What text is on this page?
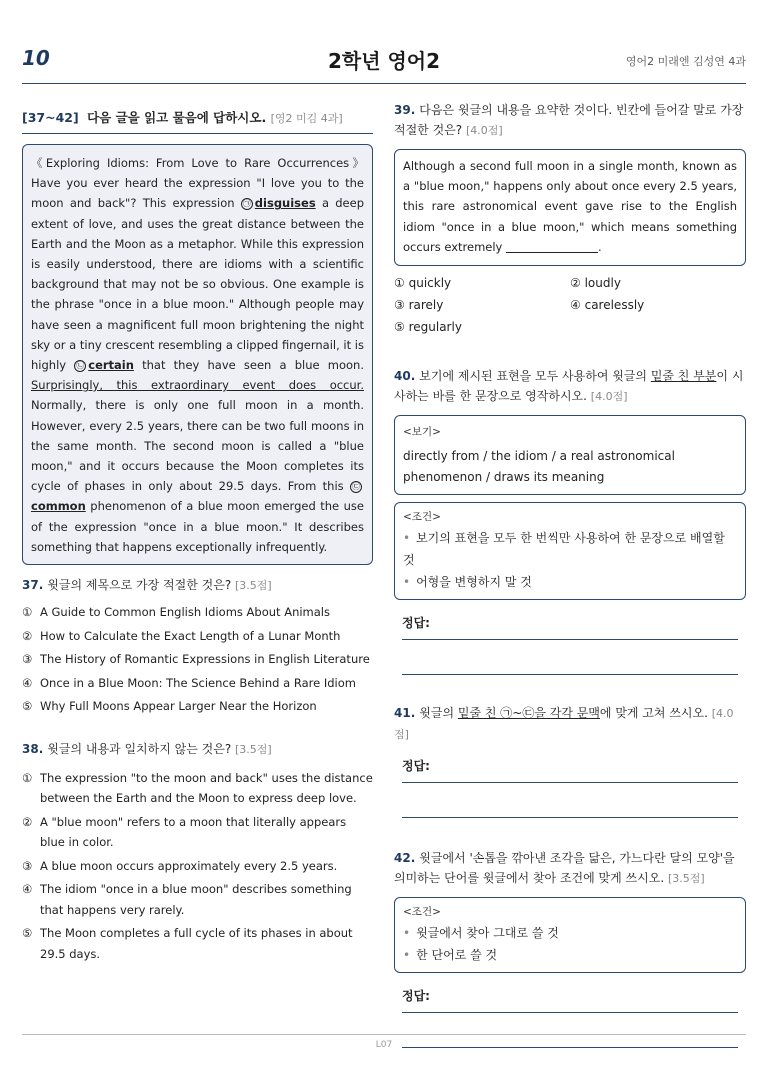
10	2학년 영어2	영어2 미래엔 김성연 4과
[37~42] 다음 글을 읽고 물음에 답하시오. [영2 미김 4과]
《Exploring Idioms: From Love to Rare Occurrences》 Have you ever heard the expression "I love you to the moon and back"? This expression ㉠ disguises a deep extent of love, and uses the great distance between the Earth and the Moon as a metaphor. While this expression is easily understood, there are idioms with a scientific background that may not be so obvious. One example is the phrase "once in a blue moon." Although people may have seen a magnificent full moon brightening the night sky or a tiny crescent resembling a clipped fingernail, it is highly ㉡ certain that they have seen a blue moon. Surprisingly, this extraordinary event does occur. Normally, there is only one full moon in a month. However, every 2.5 years, there can be two full moons in the same month. The second moon is called a "blue moon," and it occurs because the Moon completes its cycle of phases in only about 29.5 days. From this ㉢common phenomenon of a blue moon emerged the use of the expression "once in a blue moon." It describes something that happens exceptionally infrequently.
37. 윗글의 제목으로 가장 적절한 것은? [3.5점]
① A Guide to Common English Idioms About Animals
② How to Calculate the Exact Length of a Lunar Month
③ The History of Romantic Expressions in English Literature
④ Once in a Blue Moon: The Science Behind a Rare Idiom
⑤ Why Full Moons Appear Larger Near the Horizon
38. 윗글의 내용과 일치하지 않는 것은? [3.5점]
① The expression "to the moon and back" uses the distance between the Earth and the Moon to express deep love.
② A "blue moon" refers to a moon that literally appears blue in color.
③ A blue moon occurs approximately every 2.5 years.
④ The idiom "once in a blue moon" describes something that happens very rarely.
⑤ The Moon completes a full cycle of its phases in about 29.5 days.
39. 다음은 윗글의 내용을 요약한 것이다. 빈칸에 들어갈 말로 가장 적절한 것은? [4.0점]
Although a second full moon in a single month, known as a "blue moon," happens only about once every 2.5 years, this rare astronomical event gave rise to the English idiom "once in a blue moon," which means something occurs extremely	.
① quickly	② loudly
③ rarely	④ carelessly
⑤ regularly
40. 보기에 제시된 표현을 모두 사용하여 윗글의 밑줄 친 부분이 시사하는 바를 한 문장으로 영작하시오. [4.0점]
<보기>
directly from / the idiom / a real astronomical phenomenon / draws its meaning
<조건>
• 보기의 표현을 모두 한 번씩만 사용하여 한 문장으로 배열할 것
• 어형을 변형하지 말 것
정답:
41. 윗글의 밑줄 친 ㉠~㉢을 각각 문맥에 맞게 고쳐 쓰시오. [4.0점]
정답:
42. 윗글에서 '손톱을 깎아낸 조각을 닮은, 가느다란 달의 모양'을 의미하는 단어를 윗글에서 찾아 조건에 맞게 쓰시오. [3.5점]
<조건>
• 윗글에서 찾아 그대로 쓸 것
• 한 단어로 쓸 것
정답:
L07
